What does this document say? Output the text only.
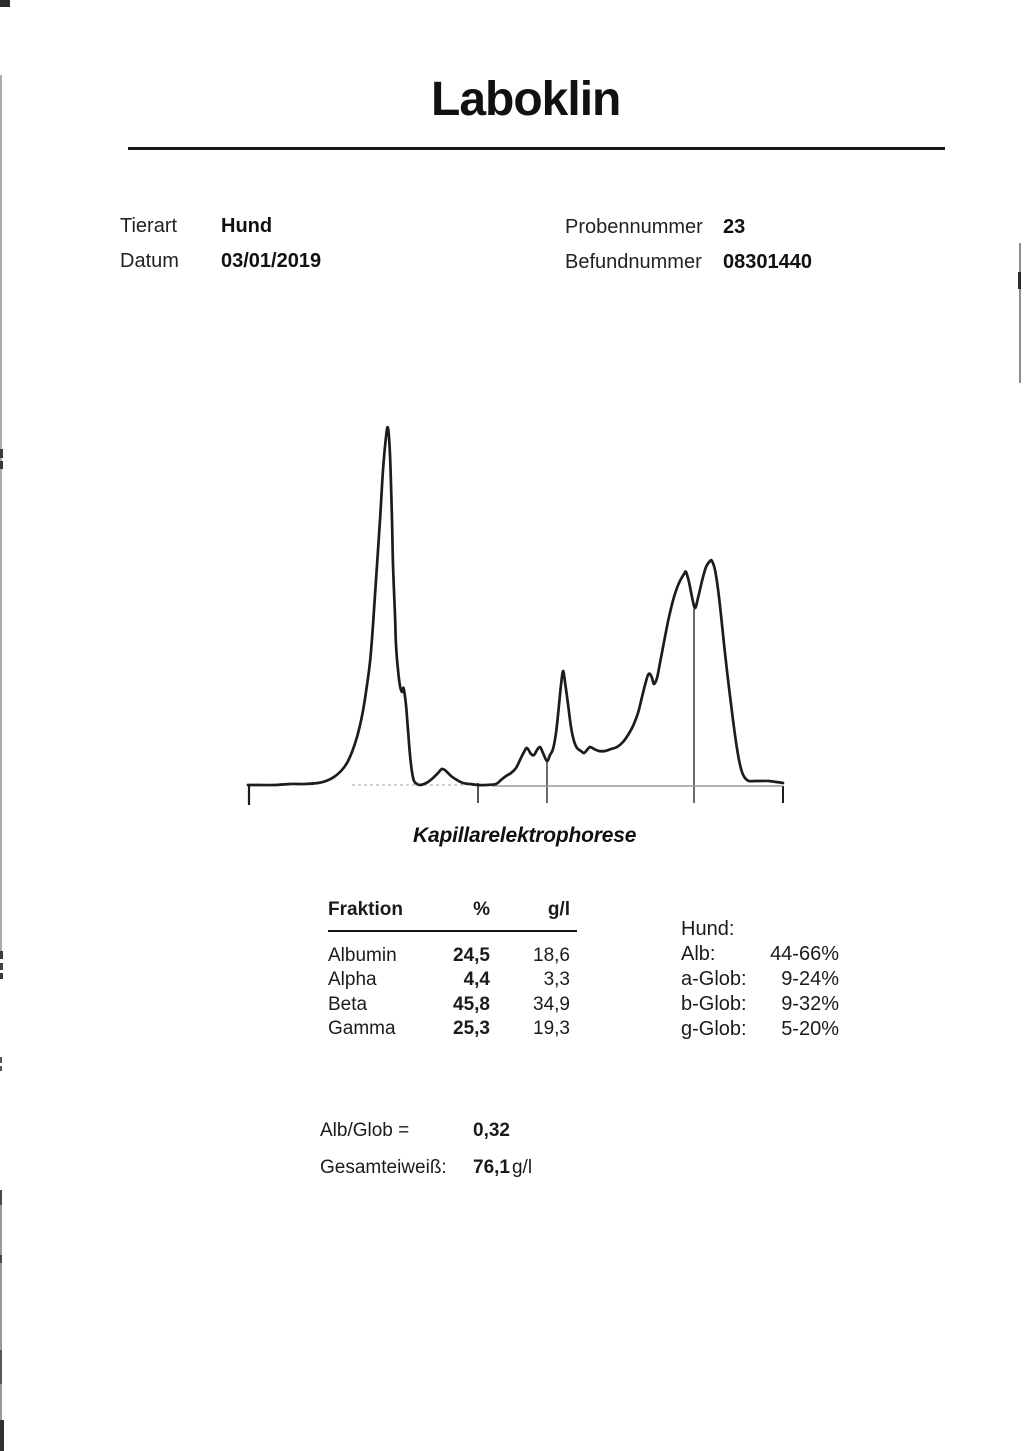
Laboklin
Tierart Hund
Datum 03/01/2019
Probennummer 23
Befundnummer 08301440
Kapillarelektrophorese
Fraktion	%	g/l
Albumin	24,5	18,6
Alpha	4,4	3,3
Beta	45,8	34,9
Gamma	25,3	19,3
Hund:
Alb:	44-66%
a-Glob: 9-24%
b-Glob: 9-32%
g-Glob: 5-20%
Alb/Glob =	0,32
Gesamteiweiß: 76,1 g/l
